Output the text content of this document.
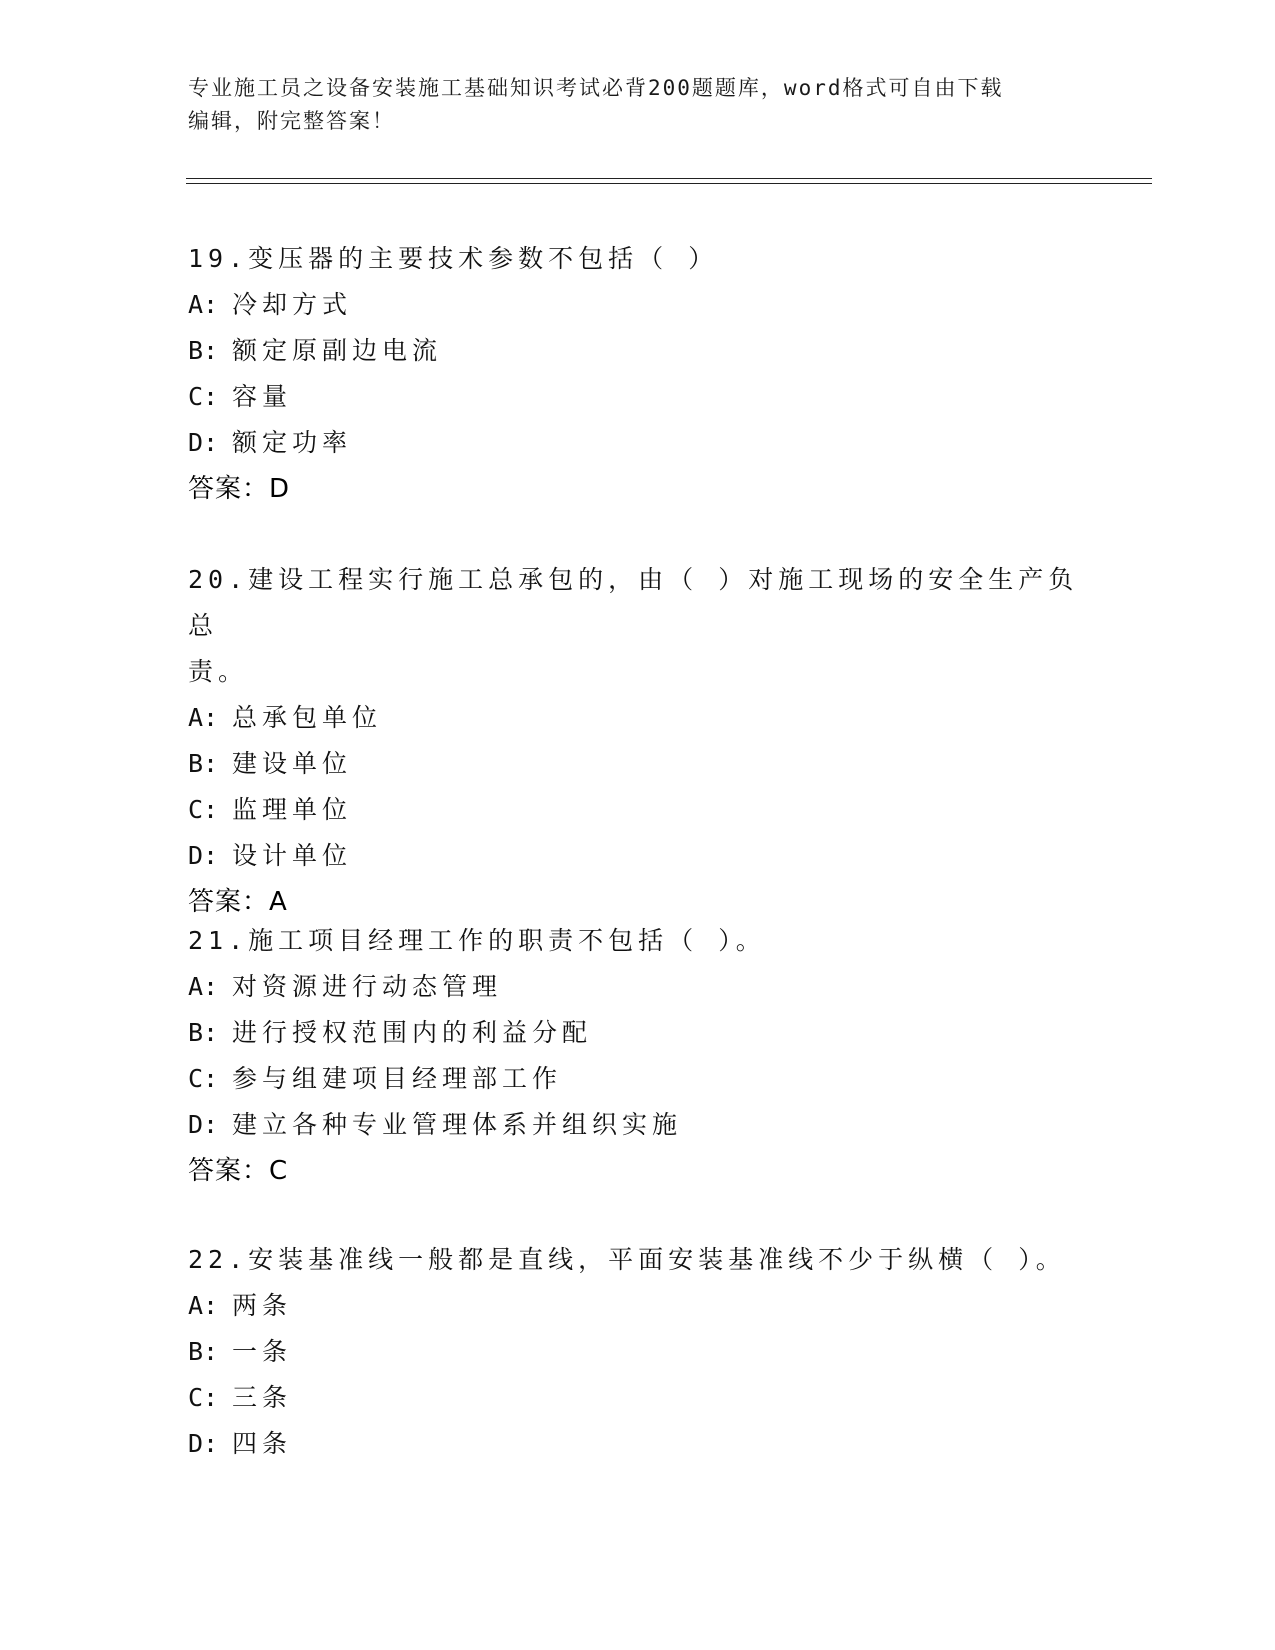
专业施工员之设备安装施工基础知识考试必背200题题库，word格式可自由下载
编辑，附完整答案！

19.变压器的主要技术参数不包括（ ）

A: 冷却方式

B: 额定原副边电流

C: 容量

D: 额定功率

答案：D

20.建设工程实行施工总承包的，由（ ）对施工现场的安全生产负总

责。

A: 总承包单位

B: 建设单位

C: 监理单位

D: 设计单位

答案：A

21.施工项目经理工作的职责不包括（ ）。

A: 对资源进行动态管理

B: 进行授权范围内的利益分配

C: 参与组建项目经理部工作

D: 建立各种专业管理体系并组织实施

答案：C

22.安装基准线一般都是直线，平面安装基准线不少于纵横（ ）。

A: 两条

B: 一条

C: 三条

D: 四条
